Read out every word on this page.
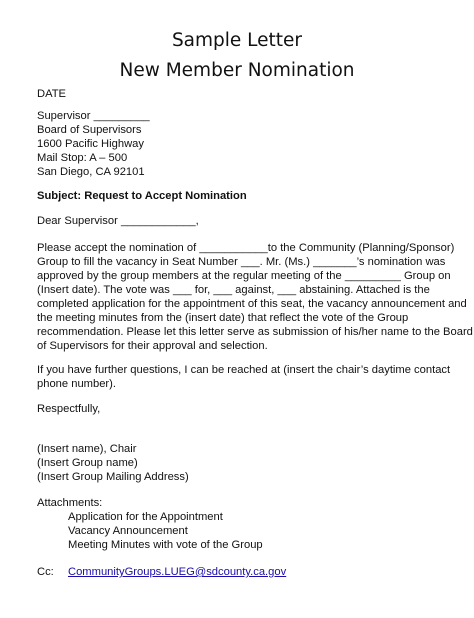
Sample Letter
New Member Nomination
DATE
Supervisor _________
Board of Supervisors
1600 Pacific Highway
Mail Stop: A – 500
San Diego, CA 92101
Subject: Request to Accept Nomination
Dear Supervisor ____________,
Please accept the nomination of ___________to the Community (Planning/Sponsor)
Group to fill the vacancy in Seat Number ___. Mr. (Ms.) _______’s nomination was
approved by the group members at the regular meeting of the _________ Group on
(Insert date). The vote was ___ for, ___ against, ___ abstaining. Attached is the
completed application for the appointment of this seat, the vacancy announcement and
the meeting minutes from the (insert date) that reflect the vote of the Group
recommendation. Please let this letter serve as submission of his/her name to the Board
of Supervisors for their approval and selection.
If you have further questions, I can be reached at (insert the chair’s daytime contact
phone number).
Respectfully,
(Insert name), Chair
(Insert Group name)
(Insert Group Mailing Address)
Attachments:
Application for the Appointment
Vacancy Announcement
Meeting Minutes with vote of the Group
Cc: CommunityGroups.LUEG@sdcounty.ca.gov
